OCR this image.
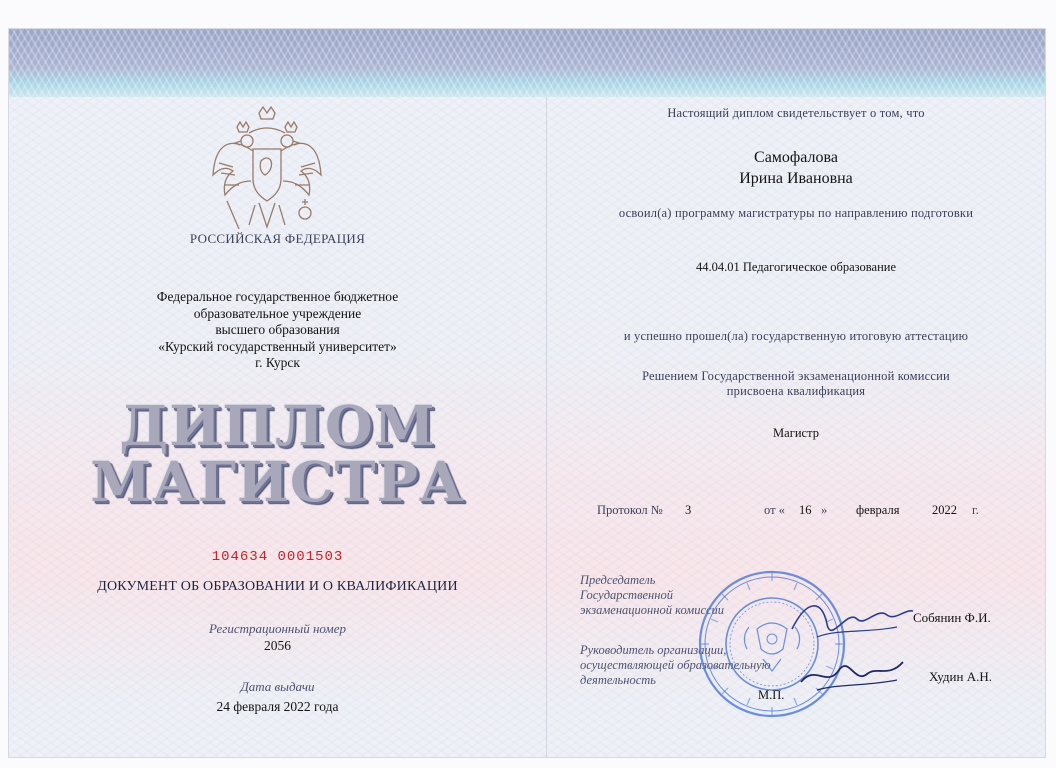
РОССИЙСКАЯ ФЕДЕРАЦИЯ
Федеральное государственное бюджетное
образовательное учреждение
высшего образования
«Курский государственный университет»
г. Курск
ДИПЛОМ
МАГИСТРА
104634 0001503
ДОКУМЕНТ ОБ ОБРАЗОВАНИИ И О КВАЛИФИКАЦИИ
Регистрационный номер
2056
Дата выдачи
24 февраля 2022 года
Настоящий диплом свидетельствует о том, что
Самофалова
Ирина Ивановна
освоил(а) программу магистратуры по направлению подготовки
44.04.01 Педагогическое образование
и успешно прошел(ла) государственную итоговую аттестацию
Решением Государственной экзаменационной комиссии
присвоена квалификация
Магистр
Протокол № 3	от « 16 » февраля	2022 г.
Председатель
Государственной
экзаменационной комиссии
Руководитель организации,
осуществляющей образовательную
деятельность
М.П.
Собянин Ф.И.
Худин А.Н.
